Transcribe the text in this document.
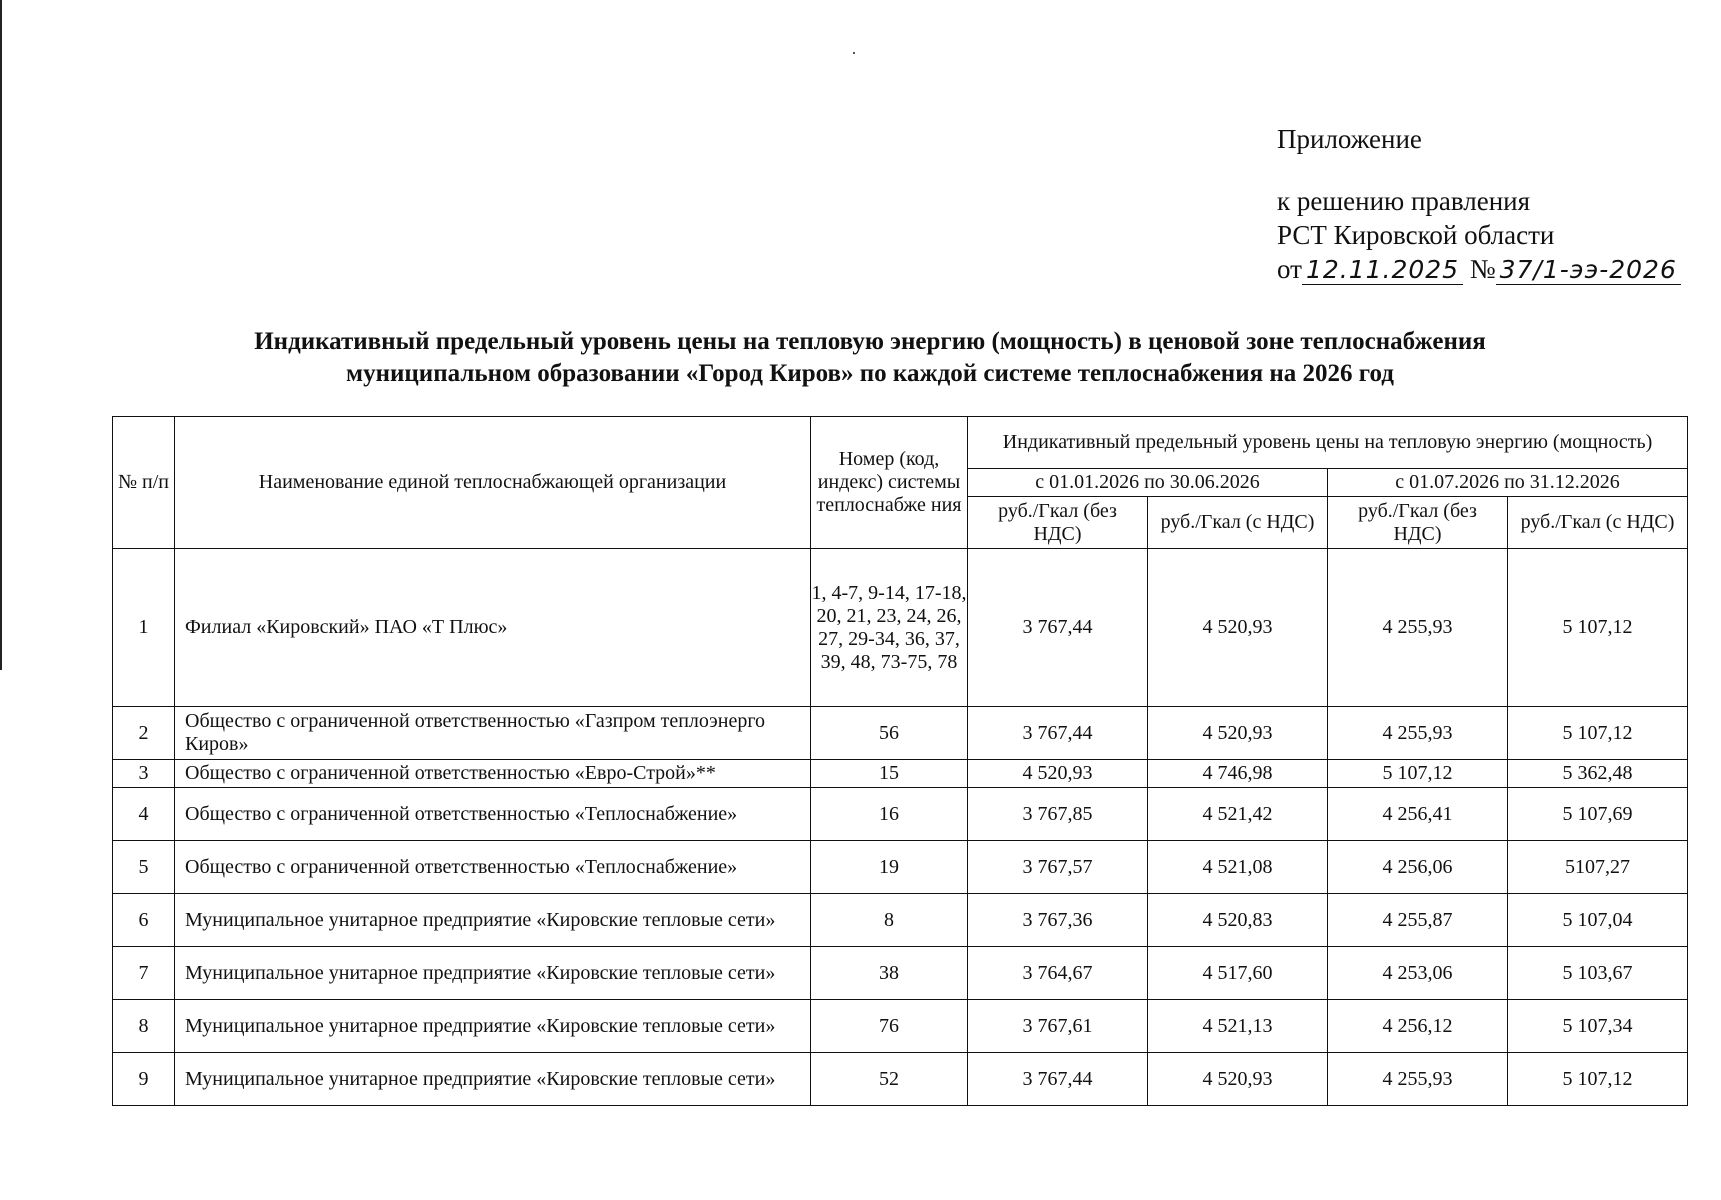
Приложение
к решению правления
РСТ Кировской области
от 12.11.2025 № 37/1-ээ-2026
Индикативный предельный уровень цены на тепловую энергию (мощность) в ценовой зоне теплоснабжения
муниципальном образовании «Город Киров» по каждой системе теплоснабжения на 2026 год
№ п/п	Наименование единой теплоснабжающей организации	Номер (код, индекс) системы теплоснабже ния	Индикативный предельный уровень цены на тепловую энергию (мощность)			
			с 01.01.2026 по 30.06.2026		с 01.07.2026 по 31.12.2026	
			руб./Гкал (без НДС)	руб./Гкал (с НДС)	руб./Гкал (без НДС)	руб./Гкал (с НДС)
1	Филиал «Кировский» ПАО «Т Плюс»	1, 4-7, 9-14, 17-18, 20, 21, 23, 24, 26, 27, 29-34, 36, 37, 39, 48, 73-75, 78	3 767,44	4 520,93	4 255,93	5 107,12
2	Общество с ограниченной ответственностью «Газпром теплоэнерго Киров»	56	3 767,44	4 520,93	4 255,93	5 107,12
3	Общество с ограниченной ответственностью «Евро-Строй»**	15	4 520,93	4 746,98	5 107,12	5 362,48
4	Общество с ограниченной ответственностью «Теплоснабжение»	16	3 767,85	4 521,42	4 256,41	5 107,69
5	Общество с ограниченной ответственностью «Теплоснабжение»	19	3 767,57	4 521,08	4 256,06	5107,27
6	Муниципальное унитарное предприятие «Кировские тепловые сети»	8	3 767,36	4 520,83	4 255,87	5 107,04
7	Муниципальное унитарное предприятие «Кировские тепловые сети»	38	3 764,67	4 517,60	4 253,06	5 103,67
8	Муниципальное унитарное предприятие «Кировские тепловые сети»	76	3 767,61	4 521,13	4 256,12	5 107,34
9	Муниципальное унитарное предприятие «Кировские тепловые сети»	52	3 767,44	4 520,93	4 255,93	5 107,12
